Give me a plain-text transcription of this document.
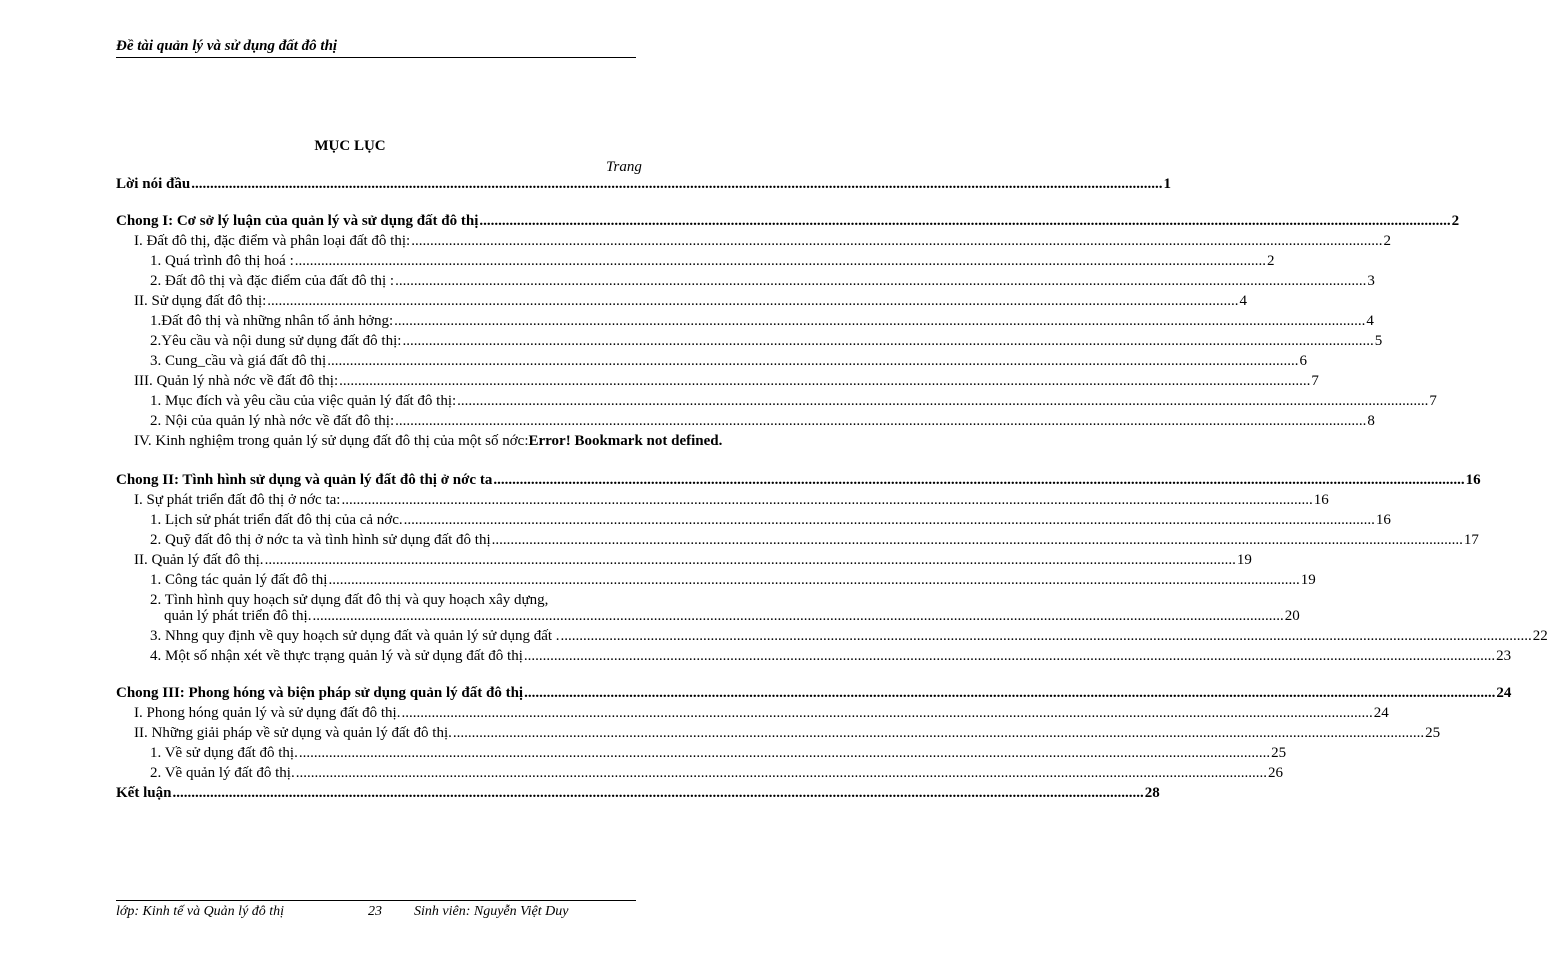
Đề tài quản lý và sử dụng đất đô thị
MỤC LỤC
Trang
Lời nói đầu .....	1
Chong I: Cơ sở lý luận của quản lý và sử dụng đất đô thị .....	2
I. Đất đô thị, đặc điểm và phân loại đất đô thị: .....	2
1. Quá trình đô thị hoá : .....	2
2. Đất đô thị và đặc điểm của đất đô thị : .....	3
II. Sử dụng đất đô thị: .....	4
1.Đất đô thị và những nhân tố ảnh hởng: .....	4
2.Yêu cầu và nội dung sử dụng đất đô thị: .....	5
3. Cung_cầu và giá đất đô thị .....	6
III. Quản lý nhà nớc về đất đô thị: .....	7
1. Mục đích và yêu cầu của việc quản lý đất đô thị: .....	7
2. Nội của quản lý nhà nớc về đất đô thị: .....	8
IV. Kinh nghiệm trong quản lý sử dụng đất đô thị của một số nớc: Error! Bookmark not defined.
Chong II: Tình hình sử dụng và quản lý đất đô thị ở nớc ta .....	16
I. Sự phát triển đất đô thị ở nớc ta: .....	16
1. Lịch sử phát triển đất đô thị của cả nớc. .....	16
2. Quỹ đất đô thị ở nớc ta và tình hình sử dụng đất đô thị .....	17
II. Quản lý đất đô thị. .....	19
1. Công tác quản lý đất đô thị .....	19
2. Tình hình quy hoạch sử dụng đất đô thị và quy hoạch xây dựng,
quản lý phát triển đô thị. .....	20
3. Nhng quy định về quy hoạch sử dụng đất và quản lý sử dụng đất . .....	22
4. Một số nhận xét về thực trạng quản lý và sử dụng đất đô thị .....	23
Chong III: Phong hóng và biện pháp sử dụng quản lý đất đô thị .....	24
I. Phong hóng quản lý và sử dụng đất đô thị. .....	24
II. Những giải pháp về sử dụng và quản lý đất đô thị. .....	25
1. Về sử dụng đất đô thị. .....	25
2. Về quản lý đất đô thị. .....	26
Kết luận .....	28
lớp: Kinh tế và Quản lý đô thị	23 Sinh viên: Nguyễn Việt Duy
